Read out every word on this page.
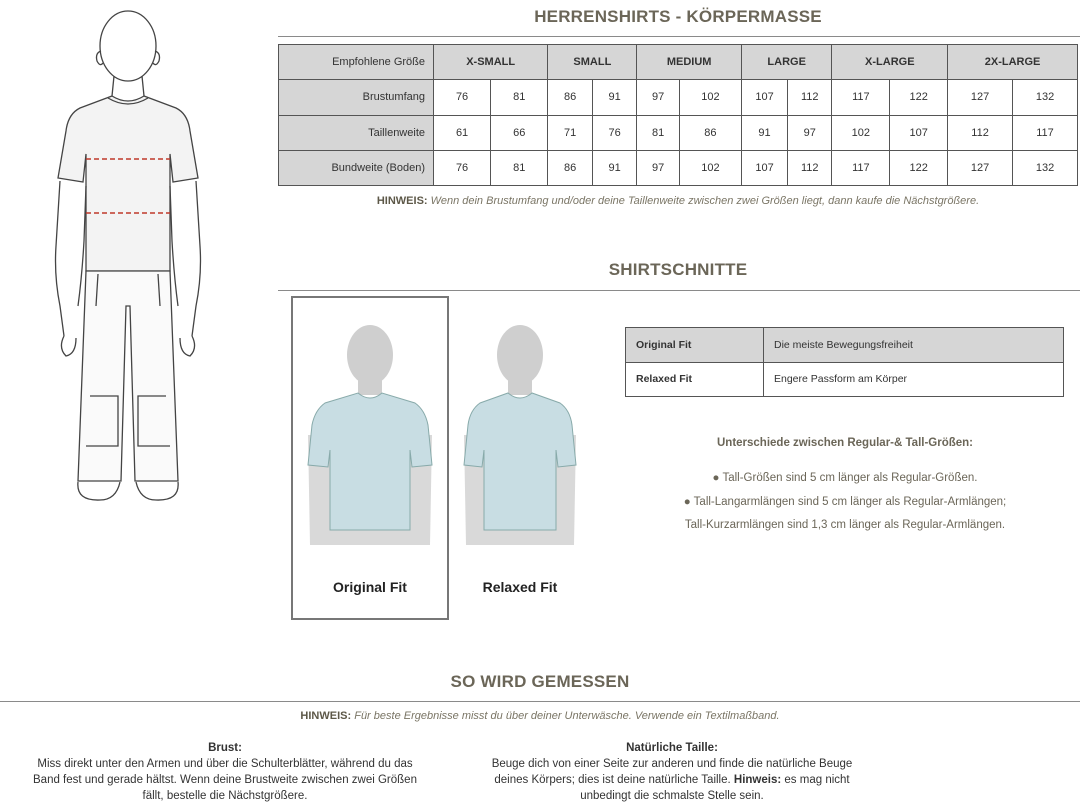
HERRENSHIRTS - KÖRPERMASSE
Empfohlene Größe	X-SMALL		SMALL		MEDIUM		LARGE		X-LARGE		2X-LARGE	
Brustumfang	76	81	86	91	97	102	107	112	117	122	127	132
Taillenweite	61	66	71	76	81	86	91	97	102	107	112	117
Bundweite (Boden)	76	81	86	91	97	102	107	112	117	122	127	132
HINWEIS: Wenn dein Brustumfang und/oder deine Taillenweite zwischen zwei Größen liegt, dann kaufe die Nächstgrößere.
SHIRTSCHNITTE
Original Fit	Relaxed Fit
Original Fit	Die meiste Bewegungsfreiheit
Relaxed Fit	Engere Passform am Körper
Unterschiede zwischen Regular-& Tall-Größen:
● Tall-Größen sind 5 cm länger als Regular-Größen.
● Tall-Langarmlängen sind 5 cm länger als Regular-Armlängen;
Tall-Kurzarmlängen sind 1,3 cm länger als Regular-Armlängen.
SO WIRD GEMESSEN
HINWEIS: Für beste Ergebnisse misst du über deiner Unterwäsche. Verwende ein Textilmaßband.
Brust:
Miss direkt unter den Armen und über die Schulterblätter, während du das
Band fest und gerade hältst. Wenn deine Brustweite zwischen zwei Größen
fällt, bestelle die Nächstgrößere.
Natürliche Taille:
Beuge dich von einer Seite zur anderen und finde die natürliche Beuge
deines Körpers; dies ist deine natürliche Taille. Hinweis: es mag nicht
unbedingt die schmalste Stelle sein.
